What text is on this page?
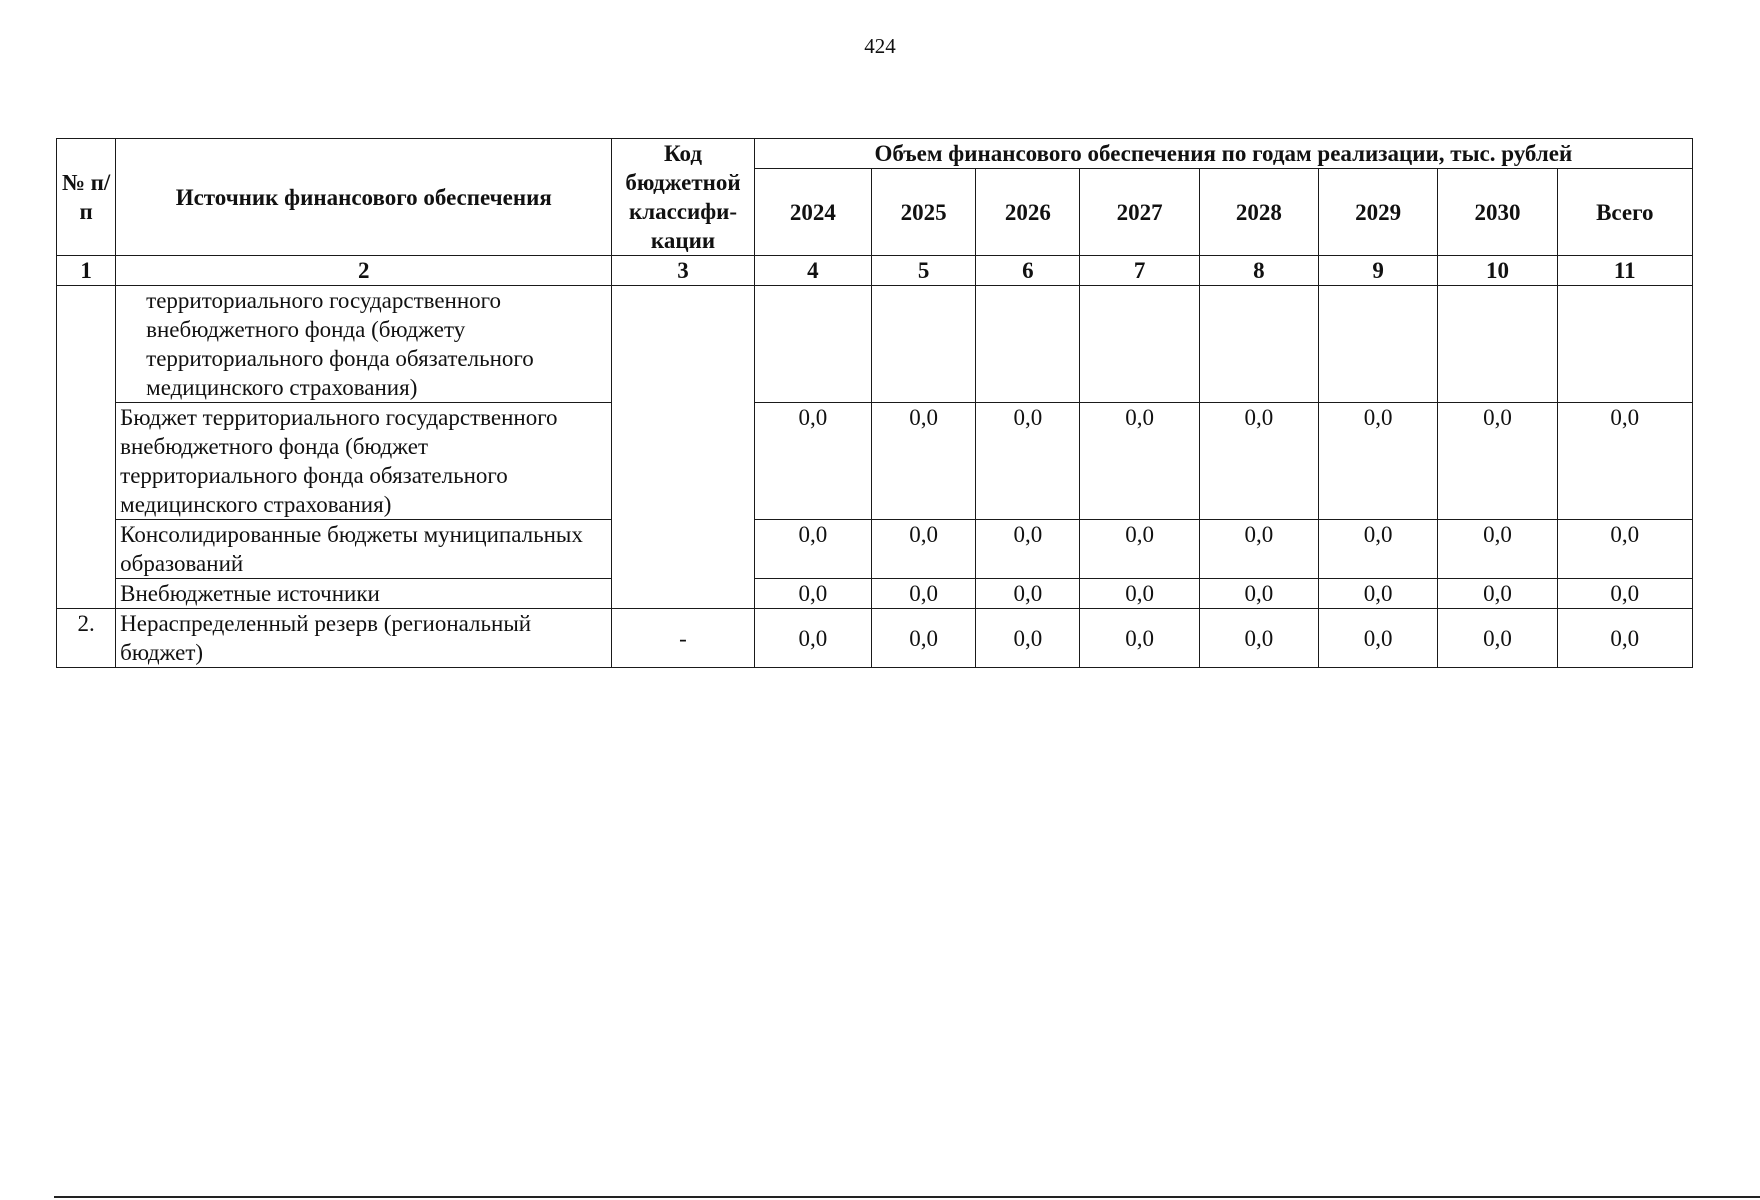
424
№ п/п	Источник финансового обеспечения	Код бюджетной классифи-кации	Объем финансового обеспечения по годам реализации, тыс. рублей							
			2024	2025	2026	2027	2028	2029	2030	Всего
1	2	3	4	5	6	7	8	9	10	11
	территориального государственного внебюджетного фонда (бюджету территориального фонда обязательного медицинского страхования)									
	Бюджет территориального государственного внебюджетного фонда (бюджет территориального фонда обязательного медицинского страхования)		0,0	0,0	0,0	0,0	0,0	0,0	0,0	0,0
	Консолидированные бюджеты муниципальных образований		0,0	0,0	0,0	0,0	0,0	0,0	0,0	0,0
	Внебюджетные источники		0,0	0,0	0,0	0,0	0,0	0,0	0,0	0,0
2.	Нераспределенный резерв (региональный бюджет)	-	0,0	0,0	0,0	0,0	0,0	0,0	0,0	0,0
